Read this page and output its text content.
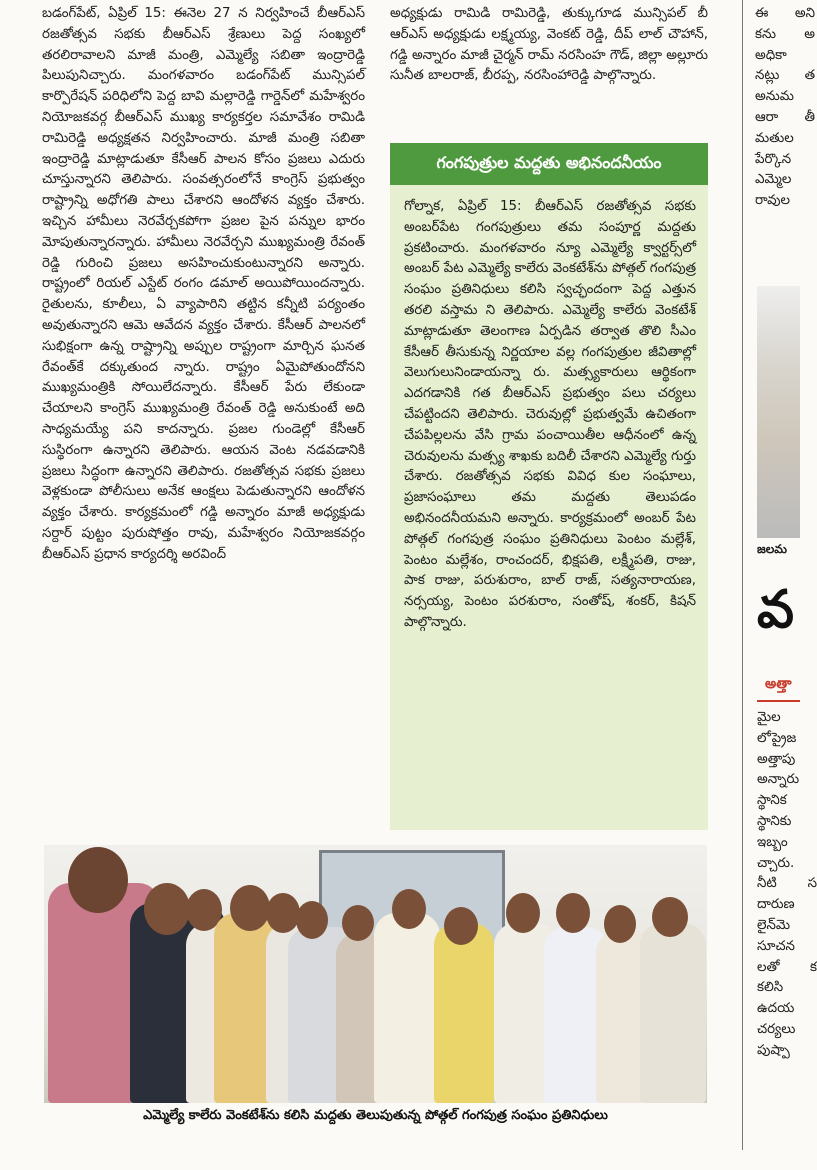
బడంగ్‌పేట్, ఏప్రిల్ 15: ఈనెల 27 న నిర్వహించే బీఆర్ఎస్ రజతోత్సవ సభకు బీఆర్ఎస్ శ్రేణులు పెద్ద సంఖ్యలో తరలిరావాలని మాజీ మంత్రి, ఎమ్మెల్యే సబితా ఇంద్రారెడ్డి పిలుపునిచ్చారు. మంగళవారం బడంగ్‌పేట్ మున్సిపల్ కార్పొరేషన్ పరిధిలోని పెద్ద బావి మల్లారెడ్డి గార్డెన్‌లో మహేశ్వరం నియోజకవర్గ బీఆర్ఎస్ ముఖ్య కార్యకర్తల సమావేశం రామిడి రామిరెడ్డి అధ్యక్షతన నిర్వహించారు. మాజీ మంత్రి సబితా ఇంద్రారెడ్డి మాట్లాడుతూ కేసీఆర్ పాలన కోసం ప్రజలు ఎదురు చూస్తున్నారని తెలిపారు. సంవత్సరంలోనే కాంగ్రెస్ ప్రభుత్వం రాష్ట్రాన్ని అధోగతి పాలు చేశారని ఆందోళన వ్యక్తం చేశారు. ఇచ్చిన హామీలు నెరవేర్చకపోగా ప్రజల పైన పన్నుల భారం మోపుతున్నారన్నారు. హామీలు నెరవేర్చని ముఖ్యమంత్రి రేవంత్ రెడ్డి గురించి ప్రజలు అసహించుకుంటున్నారని అన్నారు. రాష్ట్రంలో రియల్ ఎస్టేట్ రంగం డమాల్ అయిపోయిందన్నారు. రైతులను, కూలీలు, ఏ వ్యాపారిని తట్టిన కన్నీటి పర్యంతం అవుతున్నారని ఆమె ఆవేదన వ్యక్తం చేశారు. కేసీఆర్ పాలనలో సుభిక్షంగా ఉన్న రాష్ట్రాన్ని అప్పుల రాష్ట్రంగా మార్చిన ఘనత రేవంత్‌కే దక్కుతుంద న్నారు. రాష్ట్రం ఏమైపోతుందోనని ముఖ్యమంత్రికి సోయిలేదన్నారు. కేసీఆర్ పేరు లేకుండా చేయాలని కాంగ్రెస్ ముఖ్యమంత్రి రేవంత్ రెడ్డి అనుకుంటే అది సాధ్యమయ్యే పని కాదన్నారు. ప్రజల గుండెల్లో కేసీఆర్ సుస్థిరంగా ఉన్నారని తెలిపారు. ఆయన వెంట నడవడానికి ప్రజలు సిద్ధంగా ఉన్నారని తెలిపారు. రజతోత్సవ సభకు ప్రజలు వెళ్లకుండా పోలీసులు అనేక ఆంక్షలు పెడుతున్నారని ఆందోళన వ్యక్తం చేశారు. కార్యక్రమంలో గడ్డి అన్నారం మాజీ అధ్యక్షుడు సర్దార్ పుట్టం పురుషోత్తం రావు, మహేశ్వరం నియోజకవర్గం బీఆర్ఎస్ ప్రధాన కార్యదర్శి అరవింద్

అధ్యక్షుడు రామిడి రామిరెడ్డి, తుక్కుగూడ మున్సిపల్ బీ ఆర్ఎస్ అధ్యక్షుడు లక్ష్మయ్య, వెంకట్ రెడ్డి, దీప్ లాల్ చౌహాన్, గడ్డి అన్నారం మాజీ చైర్మన్ రామ్ నరసింహ గౌడ్, జిల్లా అల్లూరు సునీత బాలరాజ్, బీరప్ప, నరసింహారెడ్డి పాల్గొన్నారు.

గంగపుత్రుల మద్దతు అభినందనీయం

గోల్నాక, ఏప్రిల్ 15: బీఆర్ఎస్ రజతోత్సవ సభకు అంబర్‌పేట గంగపుత్రులు తమ సంపూర్ణ మద్దతు ప్రకటించారు. మంగళవారం న్యూ ఎమ్మెల్యే క్వార్టర్స్‌లో అంబర్ పేట ఎమ్మెల్యే కాలేరు వెంకటేశ్‌ను పోత్గల్ గంగపుత్ర సంఘం ప్రతినిధులు కలిసి స్వచ్ఛందంగా పెద్ద ఎత్తున తరలి వస్తామ ని తెలిపారు. ఎమ్మెల్యే కాలేరు వెంకటేశ్ మాట్లాడుతూ తెలంగాణ ఏర్పడిన తర్వాత తొలి సీఎం కేసీఆర్ తీసుకున్న నిర్ణయాల వల్ల గంగపుత్రుల జీవితాల్లో వెలుగులునిండాయన్నా రు. మత్స్యకారులు ఆర్థికంగా ఎదగడానికి గత బీఆర్ఎస్ ప్రభుత్వం పలు చర్యలు చేపట్టిందని తెలిపారు. చెరువుల్లో ప్రభుత్వమే ఉచితంగా చేపపిల్లలను వేసి గ్రామ పంచాయితీల ఆధీనంలో ఉన్న చెరువులను మత్స్య శాఖకు బదిలీ చేశారని ఎమ్మెల్యే గుర్తు చేశారు. రజతోత్సవ సభకు వివిధ కుల సంఘాలు, ప్రజాసంఘాలు తమ మద్దతు తెలుపడం అభినందనీయమని అన్నారు. కార్యక్రమంలో అంబర్ పేట పోత్గల్ గంగపుత్ర సంఘం ప్రతినిధులు పెంటం మల్లేశ్, పెంటం మల్లేశం, రాంచందర్, భిక్షపతి, లక్ష్మీపతి, రాజు, పాక రాజు, పరుశురాం, బాల్ రాజ్, సత్యనారాయణ, నర్సయ్య, పెంటం పరశురాం, సంతోష్, శంకర్, కిషన్ పాల్గొన్నారు.

ఈ అని కను అ అధికా నట్లు త అనుమ ఆరా తీ మతుల పేర్కొన ఎమ్మెల రావుల

జలమ
వ
అత్తా

మైల లోప్రైజ అత్తాపు అన్నారు స్థానిక స్థానికు ఇబ్బం చ్చారు. నీటి స దారుణ లైన్‌మె సూచన లతో క కలిసి ఉదయ చర్యలు పుష్పా

ఎమ్మెల్యే కాలేరు వెంకటేశ్‌ను కలిసి మద్దతు తెలుపుతున్న పోత్గల్ గంగపుత్ర సంఘం ప్రతినిధులు
